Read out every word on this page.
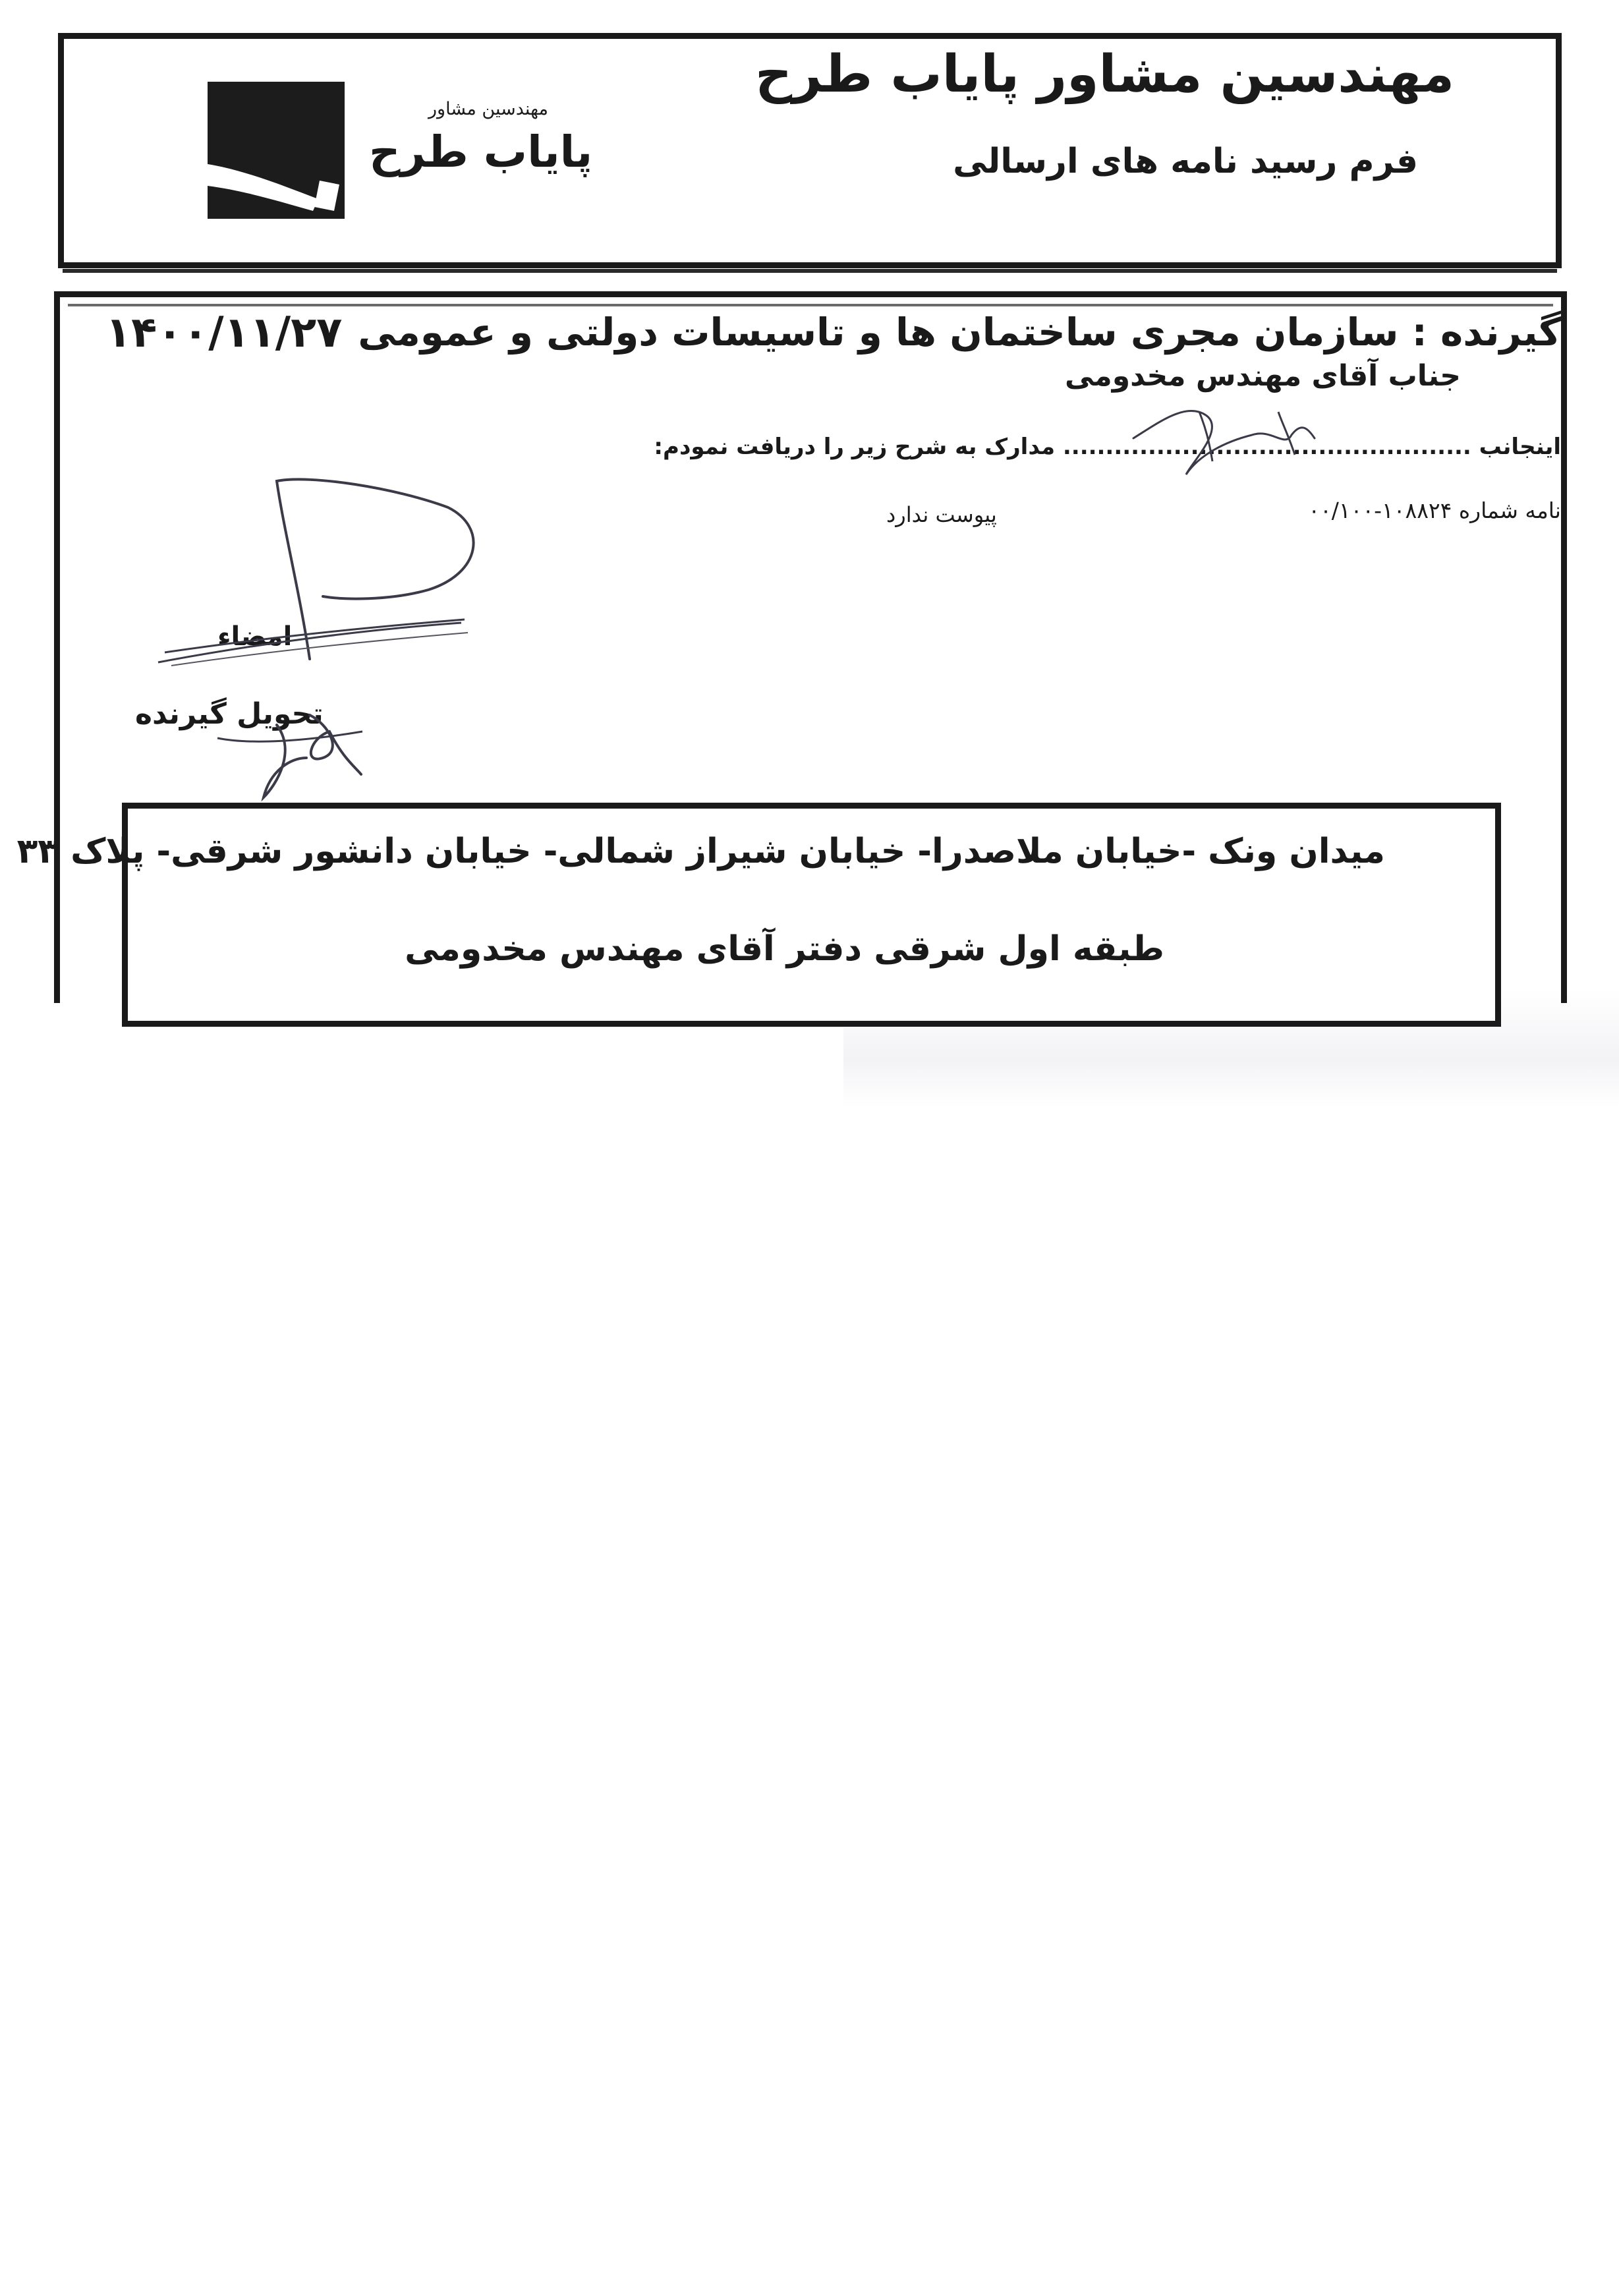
مهندسین مشاور پایاب طرح
فرم رسید نامه های ارسالی
مهندسین مشاور
پایاب طرح
گیرنده : سازمان مجری ساختمان ها و تاسیسات دولتی و عمومی
۱۴۰۰/۱۱/۲۷
جناب آقای مهندس مخدومی
اینجانب ................................................ مدارک به شرح زیر را دریافت نمودم:
نامه شماره ۱۰۸۸۲۴-۰۰/۱۰۰
پیوست ندارد
امضاء
تحویل گیرنده
میدان ونک -خیابان ملاصدرا- خیابان شیراز شمالی- خیابان دانشور شرقی- پلاک ۳۳
طبقه اول شرقی دفتر آقای مهندس مخدومی
